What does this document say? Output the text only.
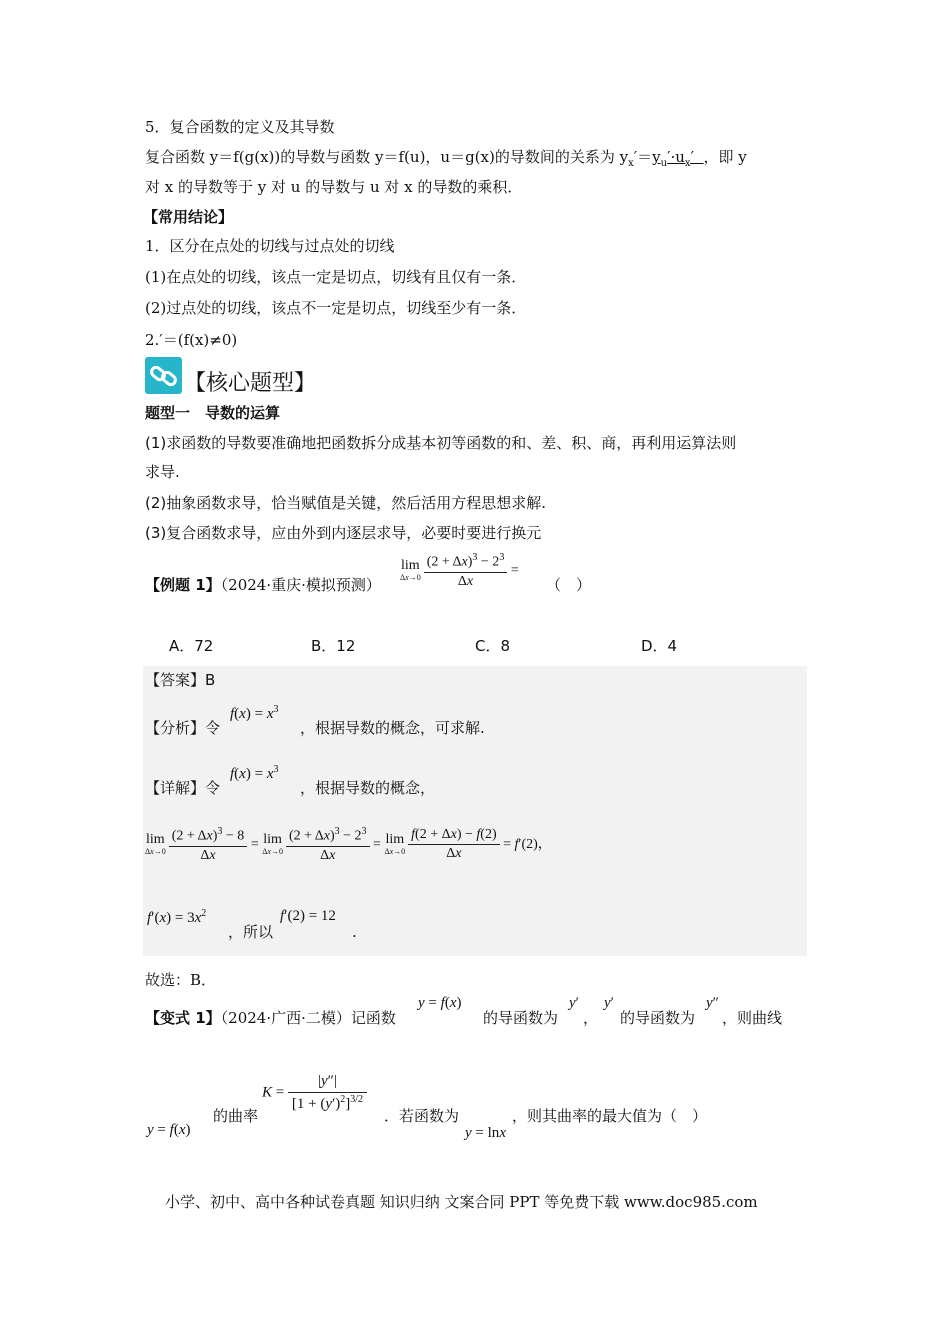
5．复合函数的定义及其导数
复合函数 y＝f(g(x))的导数与函数 y＝f(u)，u＝g(x)的导数间的关系为 $y_x'=y_u'\cdot u_x'$ ，即 y
对 x 的导数等于 y 对 u 的导数与 u 对 x 的导数的乘积．
【常用结论】
1．区分在点处的切线与过点处的切线
(1)在点处的切线，该点一定是切点，切线有且仅有一条．
(2)过点处的切线，该点不一定是切点，切线至少有一条．
2.′＝(f(x)≠0)
【核心题型】
题型一　导数的运算
(1)求函数的导数要准确地把函数拆分成基本初等函数的和、差、积、商，再利用运算法则
求导.
(2)抽象函数求导，恰当赋值是关键，然后活用方程思想求解.
(3)复合函数求导，应由外到内逐层求导，必要时要进行换元
【例题 1】（2024·重庆·模拟预测）
lim
$\Delta x\to 0 \frac{(2 + \Delta x)^3 - 2^3}{\Delta x}$ =
（　）
A．72	B．12	C．8	D．4
【答案】B
【分析】令
$f(x) = x^3$
，根据导数的概念，可求解.
【详解】令
$f(x) = x^3$
，根据导数的概念，
lim
$\Delta x\to 0 \frac{(2 + \Delta x)^3 - 8}{\Delta x} = \lim$
$\Delta x\to 0 \frac{(2 + \Delta x)^3 - 2^3}{\Delta x} = \lim$
$\Delta x\to 0 \frac{f(2 + \Delta x) - f(2)}{\Delta x} = f'(2)$，
$f'(x) = 3x^2$
，所以
f′(2) = 12
.
故选：B．
【变式 1】（2024·广西·二模）记函数
y = f(x)
的导函数为
y′
，
y′
的导函数为
y″
，则曲线
y = f(x)
的曲率
$K = \frac{|y''|}{[1 + (y')^2]^{3/2}}$
．若函数为
y = lnx
，则其曲率的最大值为（　）
小学、初中、高中各种试卷真题 知识归纳 文案合同 PPT 等免费下载 www.doc985.com
